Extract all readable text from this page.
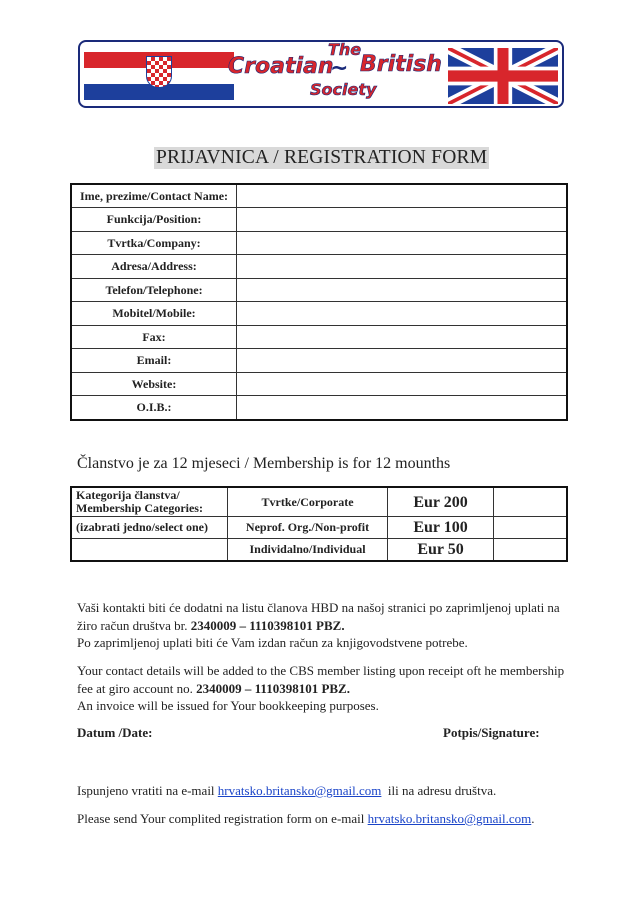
The
Croatian
~ British
Society
PRIJAVNICA / REGISTRATION FORM
Ime, prezime/Contact Name:	
Funkcija/Position:	
Tvrtka/Company:	
Adresa/Address:	
Telefon/Telephone:	
Mobitel/Mobile:	
Fax:	
Email:	
Website:	
O.I.B.:	
Članstvo je za 12 mjeseci / Membership is for 12 mounths
Kategorija članstva/ Membership Categories:	Tvrtke/Corporate	Eur 200	
(izabrati jedno/select one)	Neprof. Org./Non-profit	Eur 100	
	Individalno/Individual	Eur 50	
Vaši kontakti biti će dodatni na listu članova HBD na našoj stranici po zaprimljenoj uplati na žiro račun društva br. 2340009 – 1110398101 PBZ.
Po zaprimljenoj uplati biti će Vam izdan račun za knjigovodstvene potrebe.
Your contact details will be added to the CBS member listing upon receipt oft he membership fee at giro account no. 2340009 – 1110398101 PBZ.
An invoice will be issued for Your bookkeeping purposes.
Datum /Date:	Potpis/Signature:
Ispunjeno vratiti na e-mail hrvatsko.britansko@gmail.com  ili na adresu društva.
Please send Your complited registration form on e-mail hrvatsko.britansko@gmail.com.
